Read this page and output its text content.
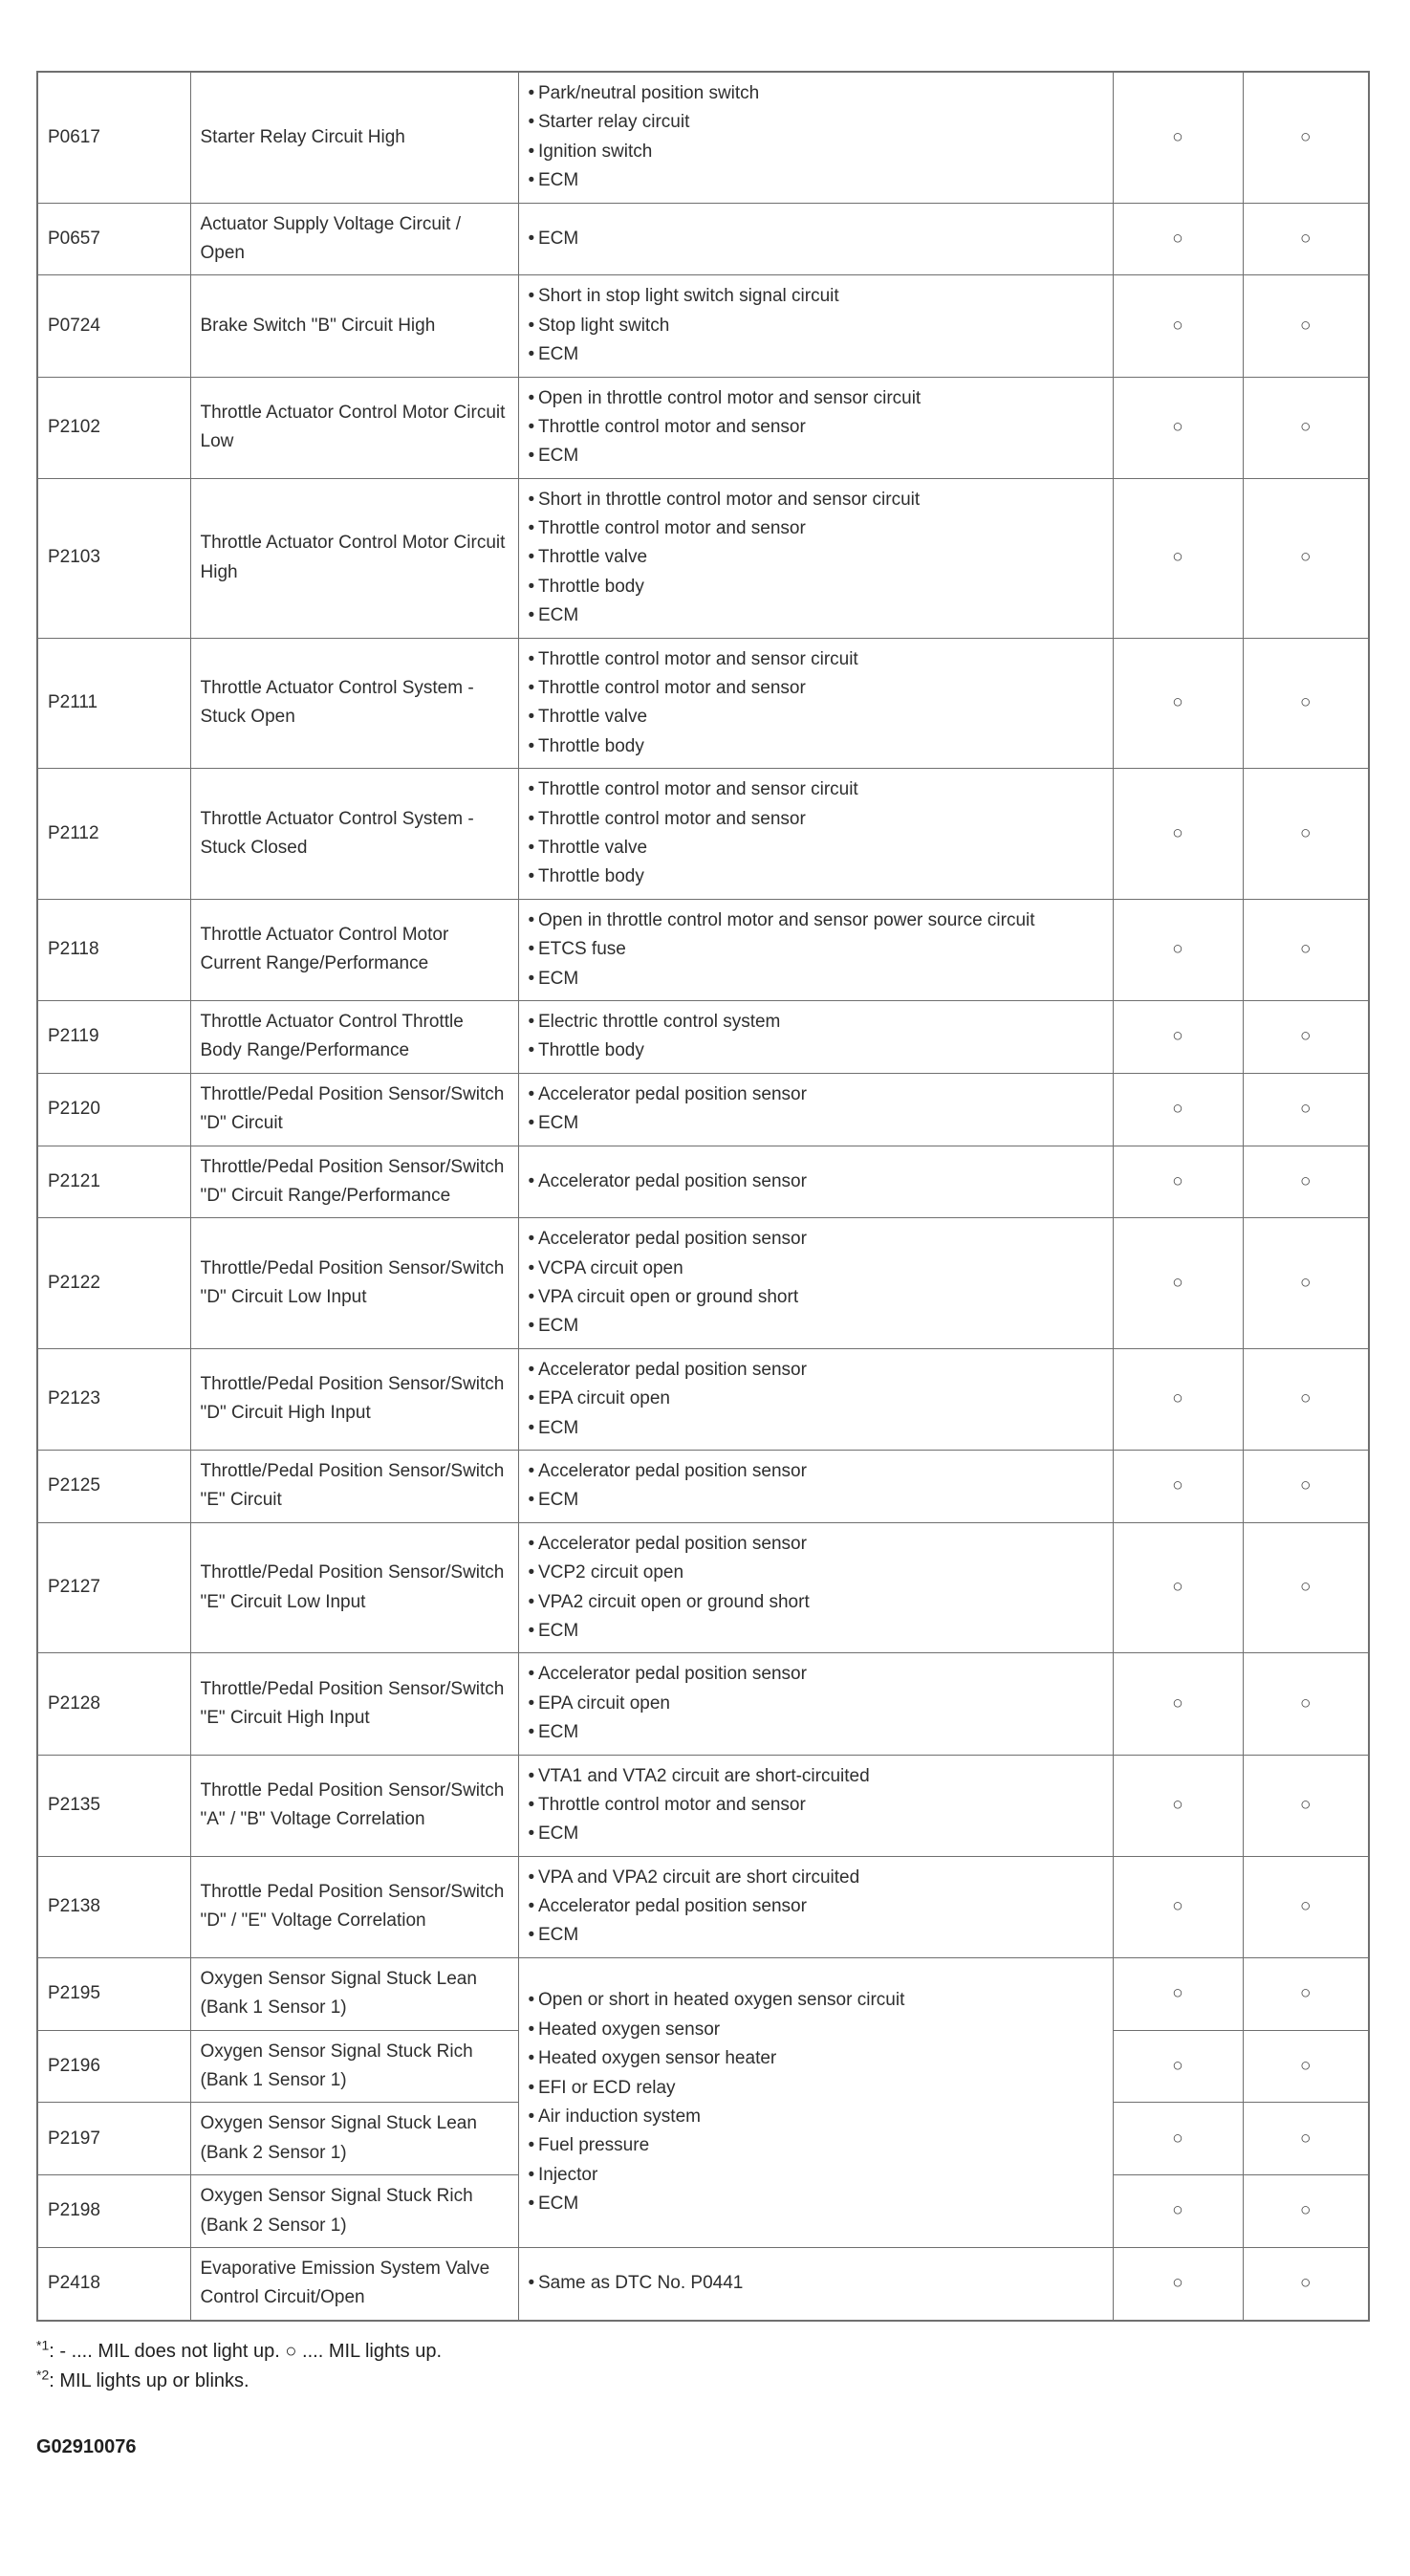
P0617	Starter Relay Circuit High	
• Park/neutral position switch
• Starter relay circuit
• Ignition switch
• ECM
	○	○
P0657	Actuator Supply Voltage Circuit / Open	
• ECM	○	○
P0724	Brake Switch "B" Circuit High	
• Short in stop light switch signal circuit
• Stop light switch
• ECM
	○	○
P2102	Throttle Actuator Control Motor Circuit Low	
• Open in throttle control motor and sensor circuit
• Throttle control motor and sensor
• ECM
	○	○
P2103	Throttle Actuator Control Motor Circuit High	
• Short in throttle control motor and sensor circuit
• Throttle control motor and sensor
• Throttle valve
• Throttle body
• ECM
	○	○
P2111	Throttle Actuator Control System - Stuck Open	
• Throttle control motor and sensor circuit
• Throttle control motor and sensor
• Throttle valve
• Throttle body
	○	○
P2112	Throttle Actuator Control System - Stuck Closed	
• Throttle control motor and sensor circuit
• Throttle control motor and sensor
• Throttle valve
• Throttle body
	○	○
P2118	Throttle Actuator Control Motor Current Range/Performance	
• Open in throttle control motor and sensor power source circuit
• ETCS fuse
• ECM
	○	○
P2119	Throttle Actuator Control Throttle Body Range/Performance	
• Electric throttle control system
• Throttle body
	○	○
P2120	Throttle/Pedal Position Sensor/Switch "D" Circuit	
• Accelerator pedal position sensor
• ECM
	○	○
P2121	Throttle/Pedal Position Sensor/Switch "D" Circuit Range/Performance	
• Accelerator pedal position sensor	○	○
P2122	Throttle/Pedal Position Sensor/Switch "D" Circuit Low Input	
• Accelerator pedal position sensor
• VCPA circuit open
• VPA circuit open or ground short
• ECM
	○	○
P2123	Throttle/Pedal Position Sensor/Switch "D" Circuit High Input	
• Accelerator pedal position sensor
• EPA circuit open
• ECM
	○	○
P2125	Throttle/Pedal Position Sensor/Switch "E" Circuit	
• Accelerator pedal position sensor
• ECM
	○	○
P2127	Throttle/Pedal Position Sensor/Switch "E" Circuit Low Input	
• Accelerator pedal position sensor
• VCP2 circuit open
• VPA2 circuit open or ground short
• ECM
	○	○
P2128	Throttle/Pedal Position Sensor/Switch "E" Circuit High Input	
• Accelerator pedal position sensor
• EPA circuit open
• ECM
	○	○
P2135	Throttle Pedal Position Sensor/Switch "A" / "B" Voltage Correlation	
• VTA1 and VTA2 circuit are short-circuited
• Throttle control motor and sensor
• ECM
	○	○
P2138	Throttle Pedal Position Sensor/Switch "D" / "E" Voltage Correlation	
• VPA and VPA2 circuit are short circuited
• Accelerator pedal position sensor
• ECM
	○	○
P2195	Oxygen Sensor Signal Stuck Lean (Bank 1 Sensor 1)	
• Open or short in heated oxygen sensor circuit
• Heated oxygen sensor
• Heated oxygen sensor heater
• EFI or ECD relay
• Air induction system
• Fuel pressure
• Injector
• ECM
	○	○
P2196	Oxygen Sensor Signal Stuck Rich (Bank 1 Sensor 1)		○	○
P2197	Oxygen Sensor Signal Stuck Lean (Bank 2 Sensor 1)		○	○
P2198	Oxygen Sensor Signal Stuck Rich (Bank 2 Sensor 1)		○	○
P2418	Evaporative Emission System Valve Control Circuit/Open	
• Same as DTC No. P0441	○	○
$^{*1}$: - .... MIL does not light up. ○ .... MIL lights up.
$^{*2}$: MIL lights up or blinks.
G02910076
